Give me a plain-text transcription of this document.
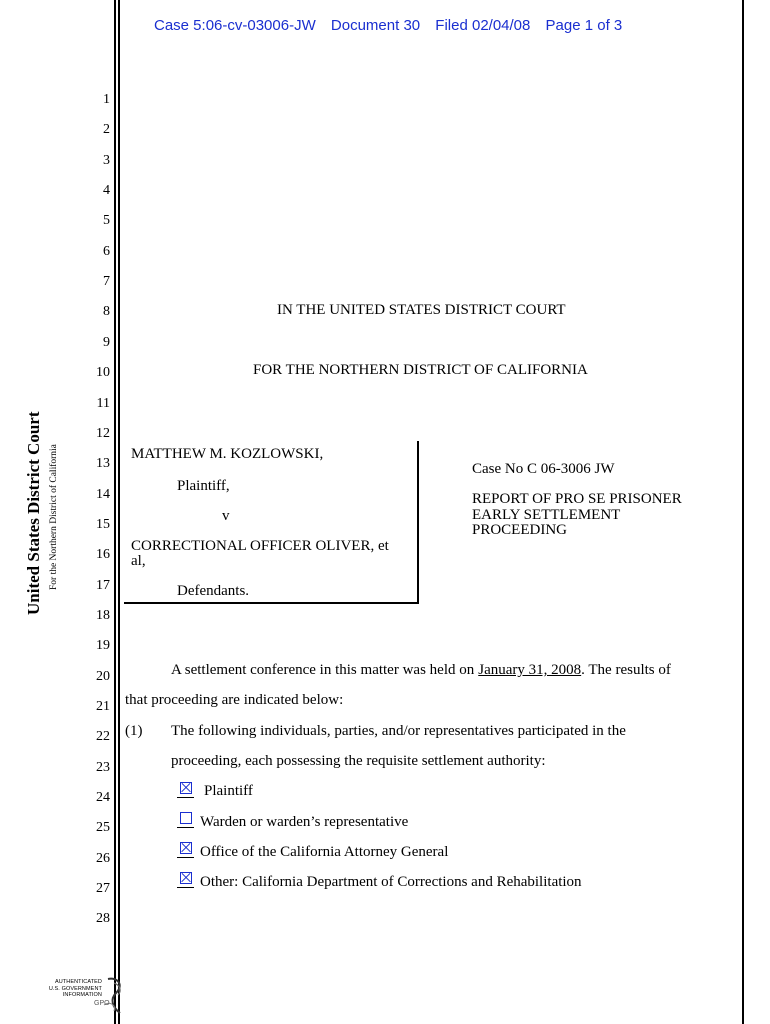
Case 5:06-cv-03006-JW Document 30 Filed 02/04/08 Page 1 of 3
United States District Court For the Northern District of California
1
2
3
4
5
6
7
8
9
10
11
12
13
14
15
16
17
18
19
20
21
22
23
24
25
26
27
28
IN THE UNITED STATES DISTRICT COURT
FOR THE NORTHERN DISTRICT OF CALIFORNIA
MATTHEW M. KOZLOWSKI,
Plaintiff,
v
CORRECTIONAL OFFICER OLIVER, et
al,
Defendants.
Case No C 06-3006 JW
REPORT OF PRO SE PRISONER
EARLY SETTLEMENT
PROCEEDING
A settlement conference in this matter was held on January 31, 2008. The results of
that proceeding are indicated below:
(1) The following individuals, parties, and/or representatives participated in the
proceeding, each possessing the requisite settlement authority:
Plaintiff
Warden or warden’s representative
Office of the California Attorney General
Other: California Department of Corrections and Rehabilitation
AUTHENTICATED
U.S. GOVERNMENT
INFORMATION
GPO
